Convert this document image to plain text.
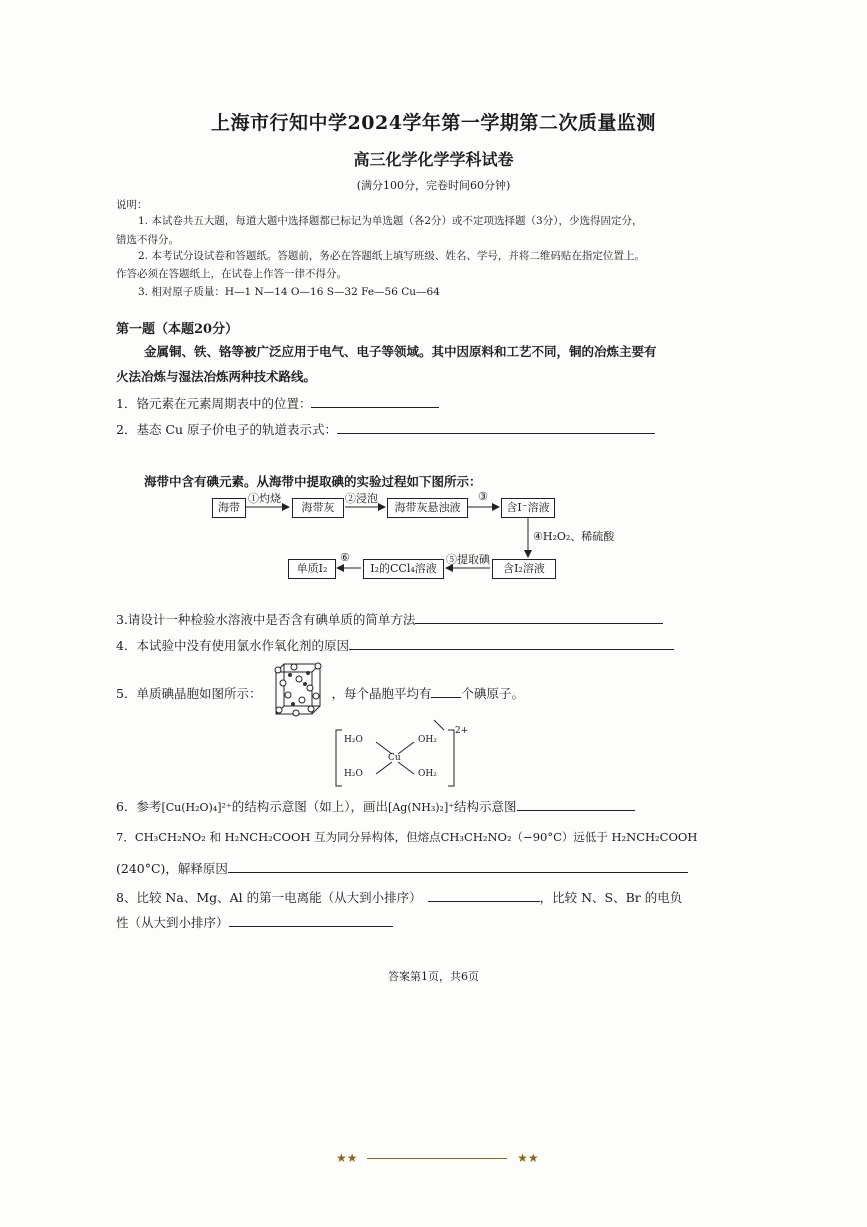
上海市行知中学2024学年第一学期第二次质量监测
高三化学化学学科试卷
(满分100分，完卷时间60分钟)
说明：
1. 本试卷共五大题，每道大题中选择题都已标记为单选题（各2分）或不定项选择题（3分），少选得固定分，
错选不得分。
2. 本考试分设试卷和答题纸。答题前，务必在答题纸上填写班级、姓名、学号，并将二维码贴在指定位置上。
作答必须在答题纸上，在试卷上作答一律不得分。
3. 相对原子质量：H—1 N—14 O—16 S—32 Fe—56 Cu—64
第一题（本题20分）
金属铜、铁、铬等被广泛应用于电气、电子等领域。其中因原料和工艺不同，铜的冶炼主要有
火法冶炼与湿法冶炼两种技术路线。
1．铬元素在元素周期表中的位置：
2．基态 Cu 原子价电子的轨道表示式：
海带中含有碘元素。从海带中提取碘的实验过程如下图所示：
海带
①灼烧
海带灰
②浸泡
海带灰悬浊液
③
含I⁻溶液
④H₂O₂、稀硫酸
含I₂溶液
⑤提取碘
I₂的CCl₄溶液
⑥
单质I₂
3.请设计一种检验水溶液中是否含有碘单质的简单方法
4．本试验中没有使用氯水作氧化剂的原因
5．单质碘晶胞如图所示：	，每个晶胞平均有 个碘原子。
H₂O	OH₂
Cu
H₂O	OH₂
2+
6．参考[Cu(H₂O)₄]²⁺的结构示意图（如上），画出[Ag(NH₃)₂]⁺结构示意图
7．CH₃CH₂NO₂ 和 H₂NCH₂COOH 互为同分异构体，但熔点CH₃CH₂NO₂（−90°C）远低于 H₂NCH₂COOH
(240°C)，解释原因
8、比较 Na、Mg、Al 的第一电离能（从大到小排序）	，比较 N、S、Br 的电负
性（从大到小排序）
答案第1页，共6页
★★	★★
